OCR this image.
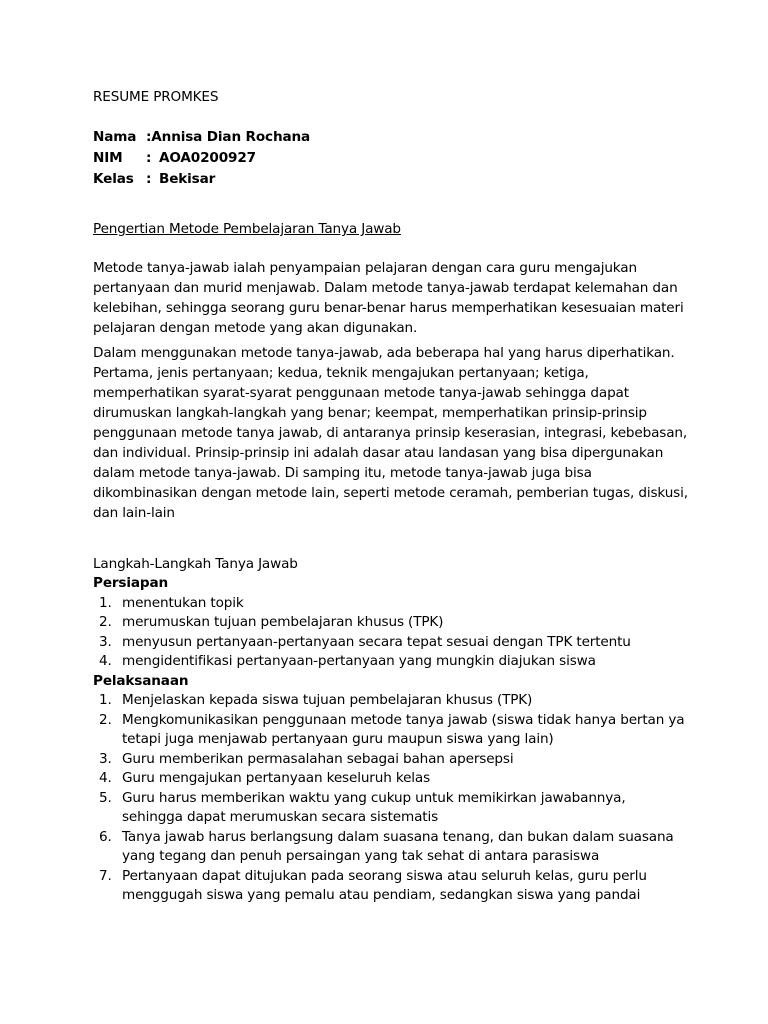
RESUME PROMKES
Nama : Annisa Dian Rochana
NIM	: AOA0200927
Kelas : Bekisar
Pengertian Metode Pembelajaran Tanya Jawab

Metode tanya-jawab ialah penyampaian pelajaran dengan cara guru mengajukan pertanyaan dan murid menjawab. Dalam metode tanya-jawab terdapat kelemahan dan kelebihan, sehingga seorang guru benar-benar harus memperhatikan kesesuaian materi pelajaran dengan metode yang akan digunakan.

Dalam menggunakan metode tanya-jawab, ada beberapa hal yang harus diperhatikan. Pertama, jenis pertanyaan; kedua, teknik mengajukan pertanyaan; ketiga, memperhatikan syarat-syarat penggunaan metode tanya-jawab sehingga dapat dirumuskan langkah-langkah yang benar; keempat, memperhatikan prinsip-prinsip penggunaan metode tanya jawab, di antaranya prinsip keserasian, integrasi, kebebasan, dan individual. Prinsip-prinsip ini adalah dasar atau landasan yang bisa dipergunakan dalam metode tanya-jawab. Di samping itu, metode tanya-jawab juga bisa dikombinasikan dengan metode lain, seperti metode ceramah, pemberian tugas, diskusi, dan lain-lain

Langkah-Langkah Tanya Jawab
Persiapan
1. menentukan topik
2. merumuskan tujuan pembelajaran khusus (TPK)
3. menyusun pertanyaan-pertanyaan secara tepat sesuai dengan TPK tertentu
4. mengidentifikasi pertanyaan-pertanyaan yang mungkin diajukan siswa
Pelaksanaan
1. Menjelaskan kepada siswa tujuan pembelajaran khusus (TPK)
2. Mengkomunikasikan penggunaan metode tanya jawab (siswa tidak hanya bertan ya tetapi juga menjawab pertanyaan guru maupun siswa yang lain)
3. Guru memberikan permasalahan sebagai bahan apersepsi
4. Guru mengajukan pertanyaan keseluruh kelas
5. Guru harus memberikan waktu yang cukup untuk memikirkan jawabannya, sehingga dapat merumuskan secara sistematis
6. Tanya jawab harus berlangsung dalam suasana tenang, dan bukan dalam suasana yang tegang dan penuh persaingan yang tak sehat di antara parasiswa
7. Pertanyaan dapat ditujukan pada seorang siswa atau seluruh kelas, guru perlu menggugah siswa yang pemalu atau pendiam, sedangkan siswa yang pandai
